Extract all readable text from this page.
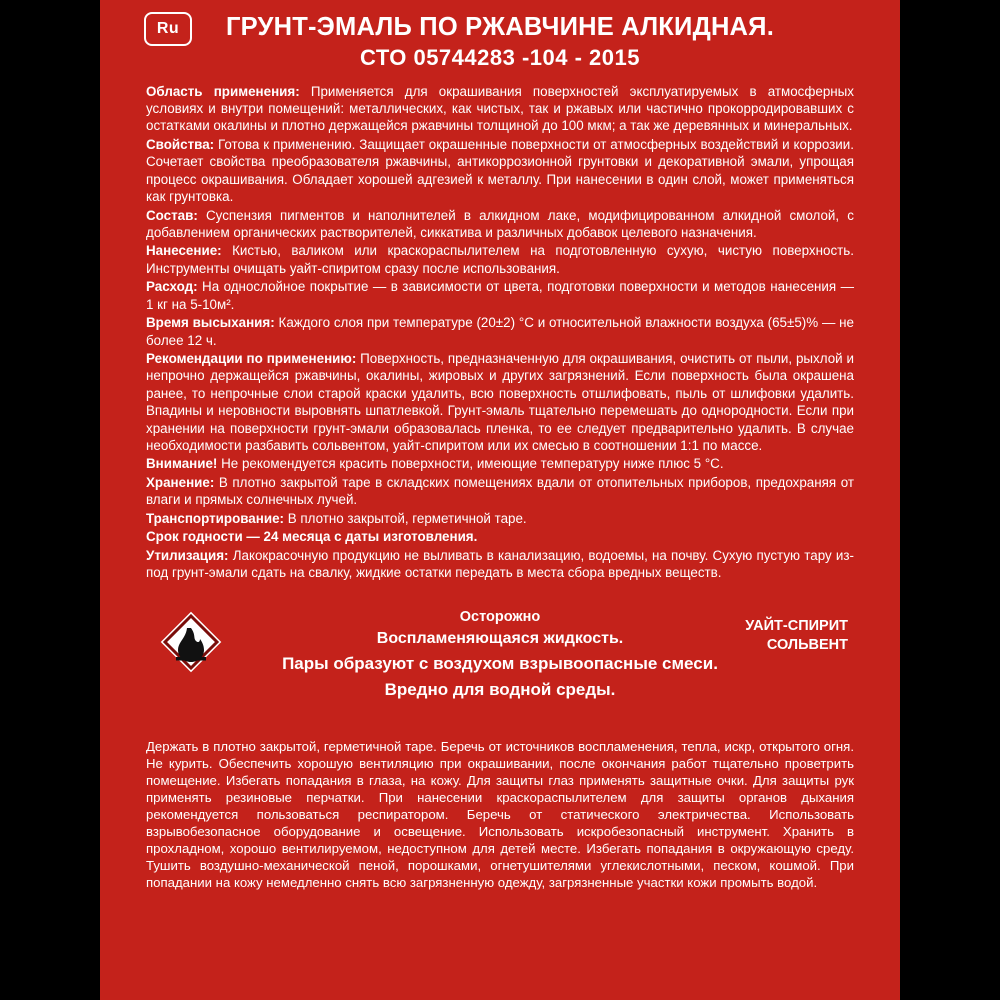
Ru	ГРУНТ-ЭМАЛЬ ПО РЖАВЧИНЕ АЛКИДНАЯ.
СТО 05744283 -104 - 2015

Область применения: Применяется для окрашивания поверхностей эксплуатируемых в атмосферных условиях и внутри помещений: металлических, как чистых, так и ржавых или частично прокорродировавших с остатками окалины и плотно держащейся ржавчины толщиной до 100 мкм; а так же деревянных и минеральных.

Свойства: Готова к применению. Защищает окрашенные поверхности от атмосферных воздействий и коррозии. Сочетает свойства преобразователя ржавчины, антикоррозионной грунтовки и декоративной эмали, упрощая процесс окрашивания. Обладает хорошей адгезией к металлу. При нанесении в один слой, может применяться как грунтовка.

Состав: Суспензия пигментов и наполнителей в алкидном лаке, модифицированном алкидной смолой, с добавлением органических растворителей, сиккатива и различных добавок целевого назначения.

Нанесение: Кистью, валиком или краскораспылителем на подготовленную сухую, чистую поверхность. Инструменты очищать уайт-спиритом сразу после использования.

Расход: На однослойное покрытие — в зависимости от цвета, подготовки поверхности и методов нанесения — 1 кг на 5-10м².

Время высыхания: Каждого слоя при температуре (20±2) °С и относительной влажности воздуха (65±5)% — не более 12 ч.

Рекомендации по применению: Поверхность, предназначенную для окрашивания, очистить от пыли, рыхлой и непрочно держащейся ржавчины, окалины, жировых и других загрязнений. Если поверхность была окрашена ранее, то непрочные слои старой краски удалить, всю поверхность отшлифовать, пыль от шлифовки удалить. Впадины и неровности выровнять шпатлевкой. Грунт-эмаль тщательно перемешать до однородности. Если при хранении на поверхности грунт-эмали образовалась пленка, то ее следует предварительно удалить. В случае необходимости разбавить сольвентом, уайт-спиритом или их смесью в соотношении 1:1 по массе.

Внимание! Не рекомендуется красить поверхности, имеющие температуру ниже плюс 5 °С.

Хранение: В плотно закрытой таре в складских помещениях вдали от отопительных приборов, предохраняя от влаги и прямых солнечных лучей.

Транспортирование: В плотно закрытой, герметичной таре.

Срок годности — 24 месяца с даты изготовления.

Утилизация: Лакокрасочную продукцию не выливать в канализацию, водоемы, на почву. Сухую пустую тару из-под грунт-эмали сдать на свалку, жидкие остатки передать в места сбора вредных веществ.

Осторожно
Воспламеняющаяся жидкость.
Пары образуют с воздухом взрывоопасные смеси.
Вредно для водной среды.
УАЙТ-СПИРИТ
СОЛЬВЕНТ
Держать в плотно закрытой, герметичной таре. Беречь от источников воспламенения, тепла, искр, открытого огня. Не курить. Обеспечить хорошую вентиляцию при окрашивании, после окончания работ тщательно проветрить помещение. Избегать попадания в глаза, на кожу. Для защиты глаз применять защитные очки. Для защиты рук применять резиновые перчатки. При нанесении краскораспылителем для защиты органов дыхания рекомендуется пользоваться респиратором. Беречь от статического электричества. Использовать взрывобезопасное оборудование и освещение. Использовать искробезопасный инструмент. Хранить в прохладном, хорошо вентилируемом, недоступном для детей месте. Избегать попадания в окружающую среду. Тушить воздушно-механической пеной, порошками, огнетушителями углекислотными, песком, кошмой. При попадании на кожу немедленно снять всю загрязненную одежду, загрязненные участки кожи промыть водой.
